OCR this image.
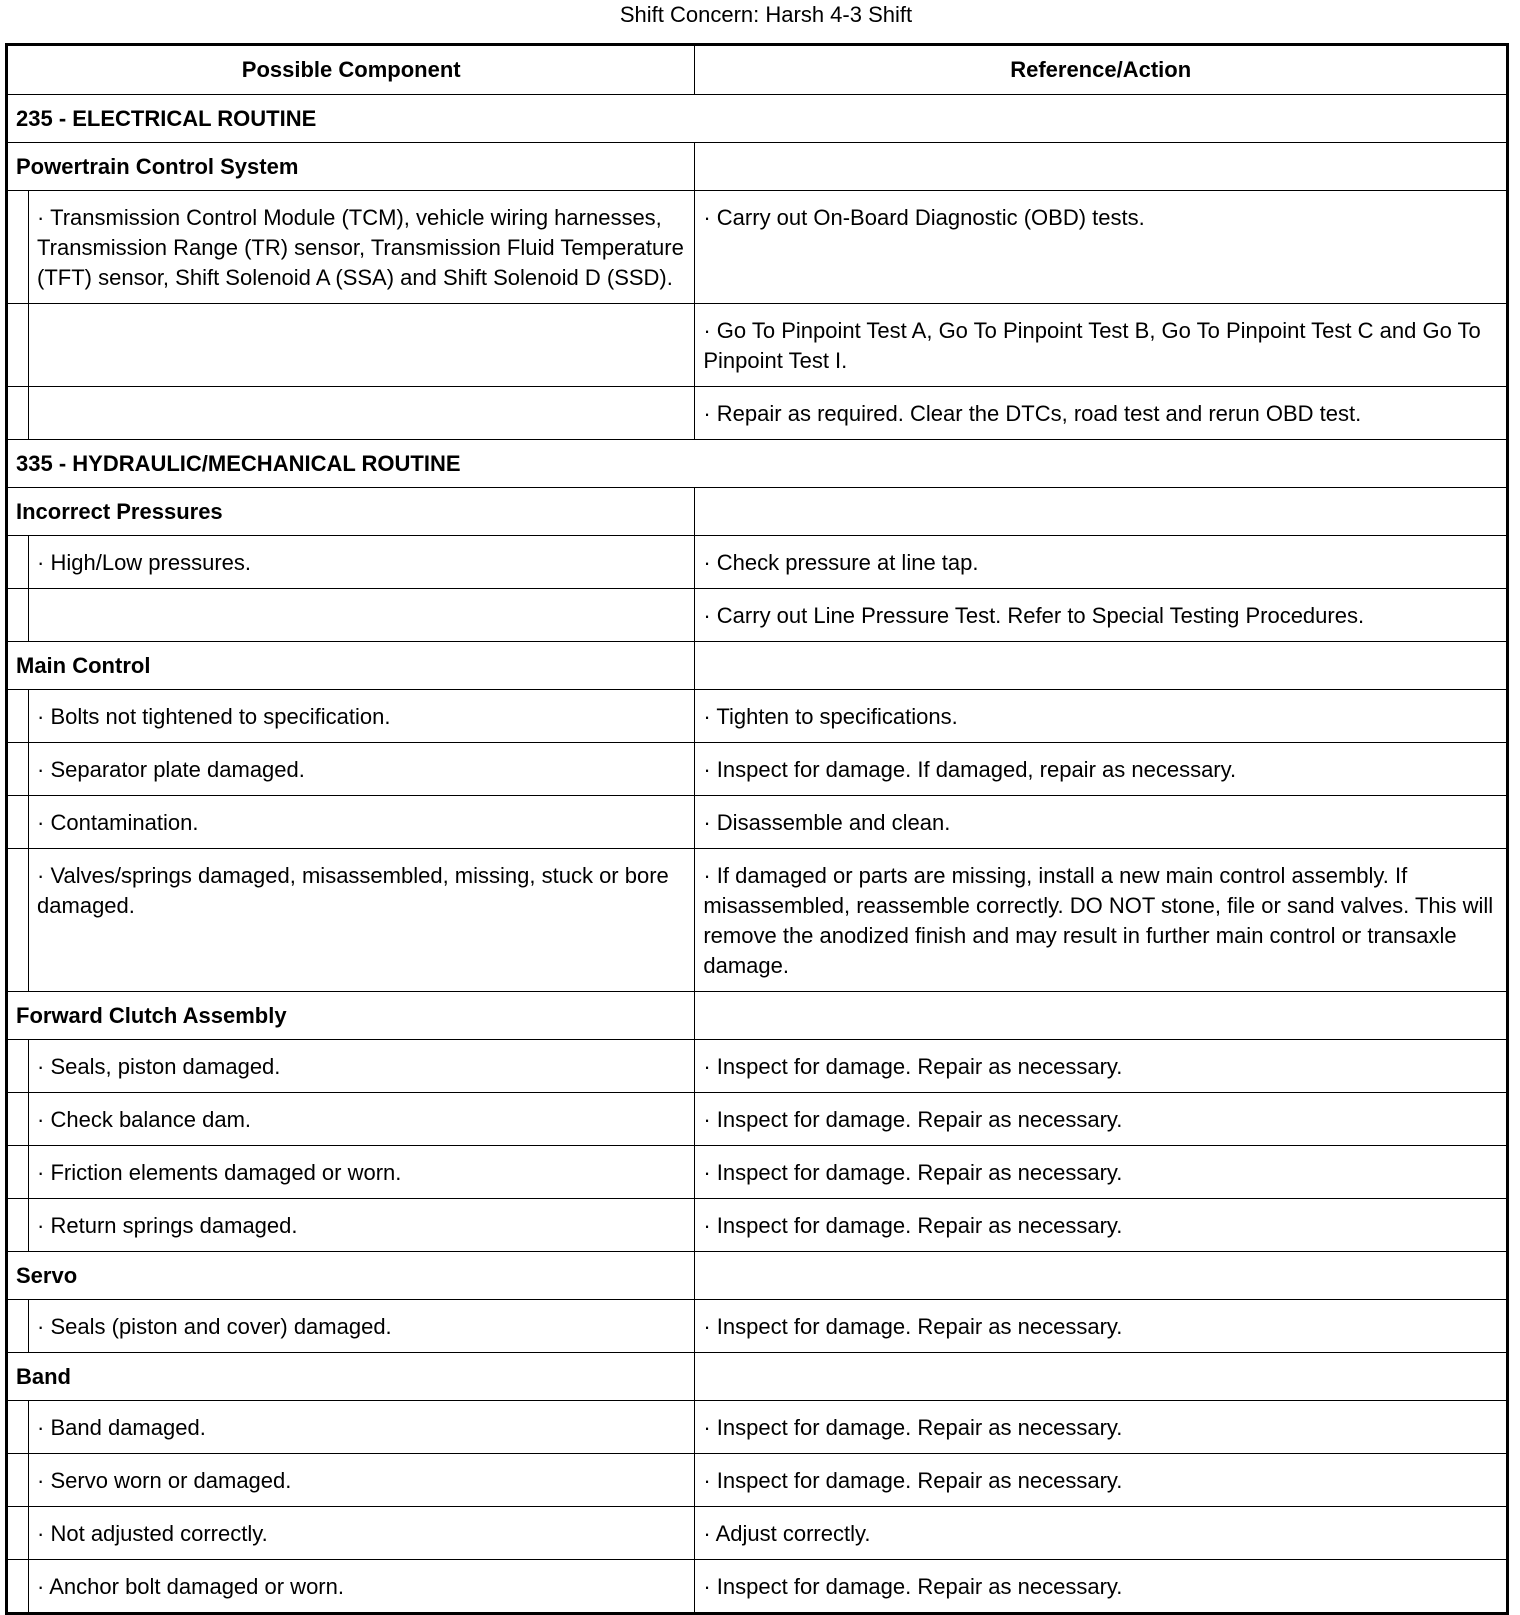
Shift Concern: Harsh 4-3 Shift
Possible Component		Reference/Action
235 - ELECTRICAL ROUTINE		
Powertrain Control System		
	· Transmission Control Module (TCM), vehicle wiring harnesses, Transmission Range (TR) sensor, Transmission Fluid Temperature (TFT) sensor, Shift Solenoid A (SSA) and Shift Solenoid D (SSD).	· Carry out On-Board Diagnostic (OBD) tests.
		· Go To Pinpoint Test A, Go To Pinpoint Test B, Go To Pinpoint Test C and Go To Pinpoint Test I.
		· Repair as required. Clear the DTCs, road test and rerun OBD test.
335 - HYDRAULIC/MECHANICAL ROUTINE		
Incorrect Pressures		
	· High/Low pressures.	· Check pressure at line tap.
		· Carry out Line Pressure Test. Refer to Special Testing Procedures.
Main Control		
	· Bolts not tightened to specification.	· Tighten to specifications.
	· Separator plate damaged.	· Inspect for damage. If damaged, repair as necessary.
	· Contamination.	· Disassemble and clean.
	· Valves/springs damaged, misassembled, missing, stuck or bore damaged.	· If damaged or parts are missing, install a new main control assembly. If misassembled, reassemble correctly. DO NOT stone, file or sand valves. This will remove the anodized finish and may result in further main control or transaxle damage.
Forward Clutch Assembly		
	· Seals, piston damaged.	· Inspect for damage. Repair as necessary.
	· Check balance dam.	· Inspect for damage. Repair as necessary.
	· Friction elements damaged or worn.	· Inspect for damage. Repair as necessary.
	· Return springs damaged.	· Inspect for damage. Repair as necessary.
Servo		
	· Seals (piston and cover) damaged.	· Inspect for damage. Repair as necessary.
Band		
	· Band damaged.	· Inspect for damage. Repair as necessary.
	· Servo worn or damaged.	· Inspect for damage. Repair as necessary.
	· Not adjusted correctly.	· Adjust correctly.
	· Anchor bolt damaged or worn.	· Inspect for damage. Repair as necessary.
